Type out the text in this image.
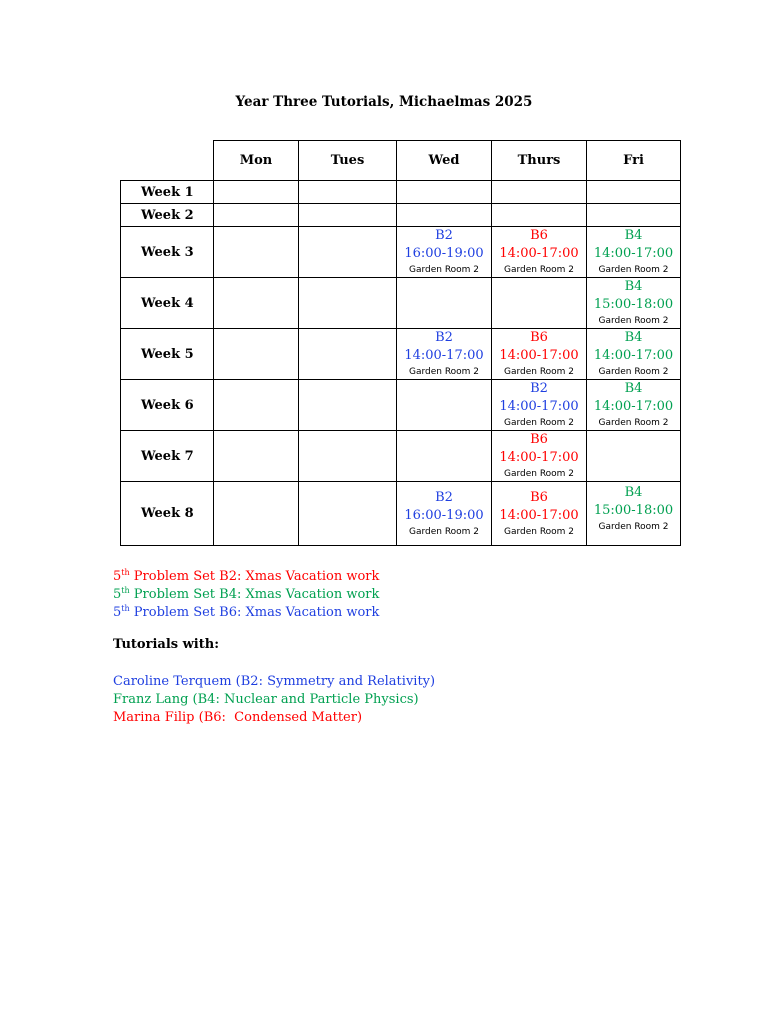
Year Three Tutorials, Michaelmas 2025
	Mon	Tues	Wed	Thurs	Fri
Week 1					
Week 2					
Week 3			B2
16:00-19:00
Garden Room 2	B6
14:00-17:00
Garden Room 2	B4
14:00-17:00
Garden Room 2

Week 4					B4
15:00-18:00
Garden Room 2

Week 5			B2
14:00-17:00
Garden Room 2	B6
14:00-17:00
Garden Room 2	B4
14:00-17:00
Garden Room 2

Week 6				B2
14:00-17:00
Garden Room 2	B4
14:00-17:00
Garden Room 2

Week 7				B6
14:00-17:00
Garden Room 2	

Week 8			B2
16:00-19:00
Garden Room 2	B6
14:00-17:00
Garden Room 2	B4
15:00-18:00
Garden Room 2
5th Problem Set B2: Xmas Vacation work
5th Problem Set B4: Xmas Vacation work
5th Problem Set B6: Xmas Vacation work
Tutorials with:
Caroline Terquem (B2: Symmetry and Relativity)
Franz Lang (B4: Nuclear and Particle Physics)
Marina Filip (B6:  Condensed Matter)
